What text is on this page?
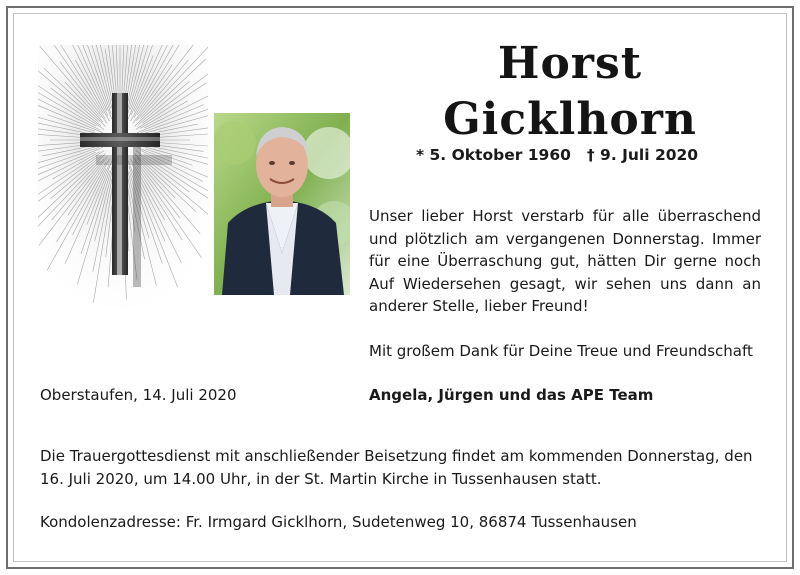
Horst
Gicklhorn
* 5. Oktober 1960 † 9. Juli 2020

Unser lieber Horst verstarb für alle überraschend und plötzlich am vergangenen Donnerstag. Immer für eine Überraschung gut, hätten Dir gerne noch Auf Wiedersehen gesagt, wir sehen uns dann an anderer Stelle, lieber Freund!

Mit großem Dank für Deine Treue und Freundschaft

Angela, Jürgen und das APE Team
Oberstaufen, 14. Juli 2020

Die Trauergottesdienst mit anschließender Beisetzung findet am kommenden Donnerstag, den 16. Juli 2020, um 14.00 Uhr, in der St. Martin Kirche in Tussenhausen statt.

Kondolenzadresse: Fr. Irmgard Gicklhorn, Sudetenweg 10, 86874 Tussenhausen
